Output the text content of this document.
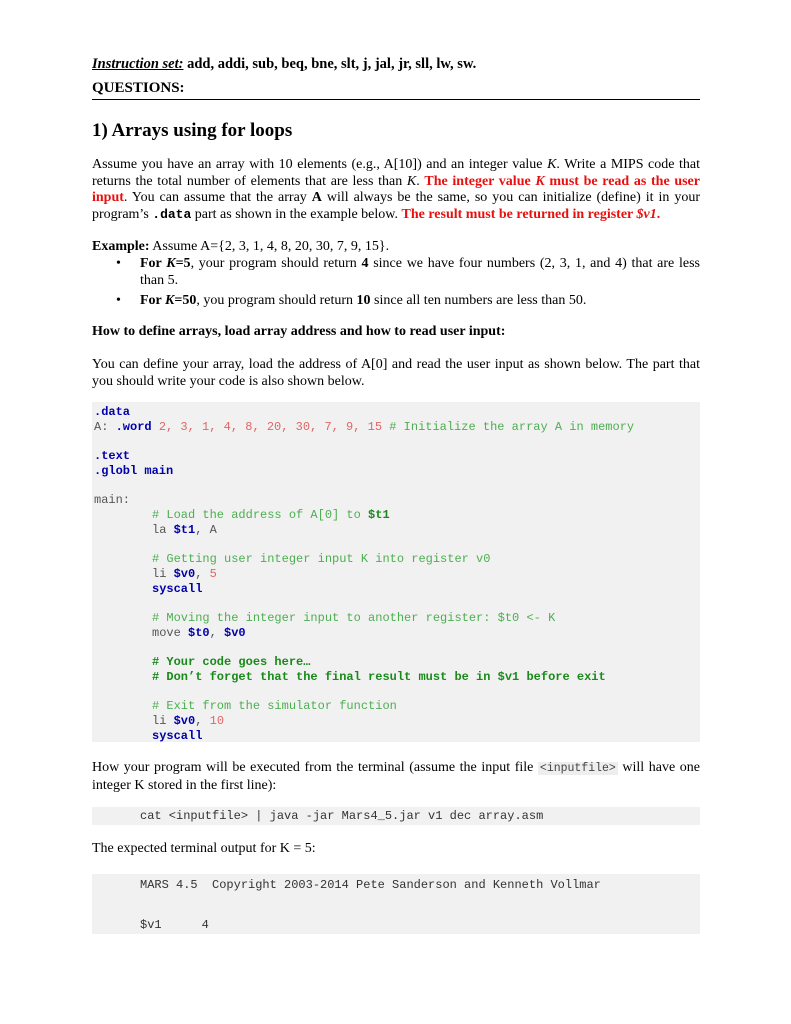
Instruction set: add, addi, sub, beq, bne, slt, j, jal, jr, sll, lw, sw.
QUESTIONS:
1) Arrays using for loops
Assume you have an array with 10 elements (e.g., A[10]) and an integer value K. Write a MIPS code that returns the total number of elements that are less than K. The integer value K must be read as the user input. You can assume that the array A will always be the same, so you can initialize (define) it in your program’s .data part as shown in the example below. The result must be returned in register $v1.
Example: Assume A={2, 3, 1, 4, 8, 20, 30, 7, 9, 15}.
• For K=5, your program should return 4 since we have four numbers (2, 3, 1, and 4) that are less than 5.
• For K=50, you program should return 10 since all ten numbers are less than 50.
How to define arrays, load array address and how to read user input:
You can define your array, load the address of A[0] and read the user input as shown below. The part that you should write your code is also shown below.
How your program will be executed from the terminal (assume the input file <inputfile> will have one integer K stored in the first line):
The expected terminal output for K = 5:
.data
A: .word 2, 3, 1, 4, 8, 20, 30, 7, 9, 15 # Initialize the array A in memory
.text
.globl main
main:
# Load the address of A[0] to $t1
la $t1, A
# Getting user integer input K into register v0
li $v0, 5
syscall
# Moving the integer input to another register: $t0 <- K
move $t0, $v0
# Your code goes here…
# Don’t forget that the final result must be in $v1 before exit
# Exit from the simulator function
li $v0, 10
syscall
cat <inputfile> | java -jar Mars4_5.jar v1 dec array.asm
MARS 4.5  Copyright 2003-2014 Pete Sanderson and Kenneth Vollmar
$v1	4
